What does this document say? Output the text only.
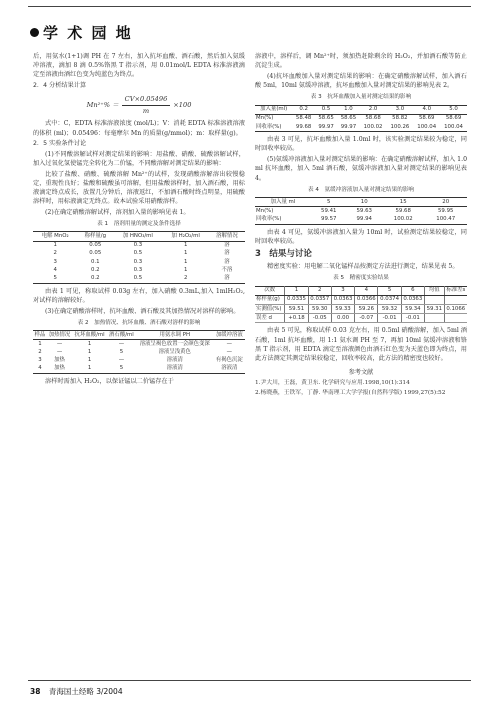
学 术 园 地

后，用氨水(1+1)调 PH 在 7 左右，加入抗坏血酸、酒石酸，然后加入氨缓冲溶液，滴加 8 滴 0.5%铬黑 T 指示剂，用 0.01mol/L EDTA 标准溶液滴定至溶液由酒红色变为纯蓝色为终点。

2．4 分析结果计算
$Mn^{2+}\% = \frac{CV\times 0.05496}{m} \times 100$

式中：C，EDTA 标准溶液浓度 (mol/L)；V：消耗 EDTA 标准溶液溶液的体积 (ml)；0.05496：每毫摩尔 Mn 的质量(g/mmol)；m：取样量(g)。

2．5 实验条件讨论

(1)不同酸溶解试样对测定结果的影响：用盐酸、硝酸、硫酸溶解试样，加入过氧化氢使锰完全转化为二价锰，不同酸溶解对测定结果的影响：

比较了盐酸、硝酸、硫酸溶解 Mn²⁺的试样，发现硝酸溶解溶出较慢稳定，重现性良好；盐酸和硫酸虽可溶解，但用盐酸溶样时，加入酒石酸，用标液滴定终点成长，放置几分钟后，溶液返红，不加酒石酸时终点明显，用硫酸溶样时，用标液滴定无终点。故本试验采用硝酸溶样。

(2)在确定硝酸溶解试样，溶剂加入量的影响见表 1。

表 1　溶剂用量的测定及条件选择
电解 MnO₂	称样量/g	加 HNO₃/ml	加 H₂O₂/ml	溶解情况
1	0.05	0.3	1	溶
2	0.05	0.5	1	溶
3	0.1	0.3	1	溶
4	0.2	0.3	1	不溶
5	0.2	0.5	2	溶

由表 1 可见，称取试样 0.03g 左右，加入硝酸 0.3mL,加入 1mlH₂O₂,对试样的溶解较好。

(3)在确定硝酸溶样时，抗坏血酸、酒石酸及其加热情况对溶样的影响。

表 2　加热情况、抗坏血酸、酒石酸对溶样的影响
样品	加热情况	抗坏血酸/ml	酒石酸/ml	用氨水调 PH	加缓冲溶液
1	—	1	—	溶液呈褐色放置一会颜色变深	—
2	—	1	5	溶液呈浅黄色	—
3	加热	1	—	溶液清	有褐色沉淀
4	加热	1	5	溶液清	溶液清

溶样时需加入 H₂O₂，以保证锰以二价锰存在于

溶液中，溶样后，调 Mn²⁺时，须加热赶除剩余的 H₂O₂，并加酒石酸等防止沉淀生成。

(4)抗坏血酸加入量对测定结果的影响：在确定硝酸溶解试样，加入酒石酸 5ml，10ml 氨缓冲溶液，抗坏血酸加入量对测定结果的影响见表 2。

表 3　抗坏血酸加入量对测定结果的影响
加入量(ml)	0.2	0.5	1.0	2.0	3.0	4.0	5.0
Mn(%)	58.48	58.65	58.65	58.68	58.82	58.69	58.69
回收率(%)	99.68	99.97	99.97	100.02	100.26	100.04	100.04

由表 3 可见，抗坏血酸加入量 1.0ml 时，该实验测定结果较为稳定，同时回收率较高。

(5)氨缓冲溶液加入量对测定结果的影响：在确定硝酸溶解试样，加入 1.0 ml 抗坏血酸，加入 5ml 酒石酸，氨缓冲溶液加入量对测定结果的影响见表 4。

表 4　氨缓冲溶液加入量对测定结果的影响
加入量 ml	5	10	15	20
Mn(%)	59.41	59.63	59.68	59.95
回收率(%)	99.57	99.94	100.02	100.47

由表 4 可见，氨缓冲溶液加入量为 10ml 时，试验测定结果较稳定，同时回收率较高。

3　结果与讨论

精密度实验：用电解二氧化锰样品按测定方法进行测定，结果见表 5。

表 5　精密度实验结果
次数	1	2	3	4	5	6	均值	标准差s
称样量(g)	0.0335	0.0357	0.0363	0.0366	0.0374	0.0363		
实测值(%)	59.51	59.30	59.33	59.26	59.32	59.34	59.31	0.1066
误差 d	+0.18	-0.05	0.00	-0.07	-0.01	-0.01		

由表 5 可见，称取试样 0.03 克左右，用 0.5ml 硝酸溶解，加入 5ml 酒石酸，1ml 抗坏血酸，用 1:1 氨水调 PH 至 7，再加 10ml 氨缓冲溶液和铬黑 T 指示剂，用 EDTA 滴定至溶液颜色由酒石红色变为天蓝色即为终点，用此方法测定其测定结果较稳定，回收率较高，此方法的精密度也较好。

参考文献

1.尹大川，王磊，黄卫东. 化学研究与应用.1998,10(1):314

2.杨晓燕，王铁军，丁静. 华南理工大学学报(自然科学版) 1999,27(5):52

38 青海国土经略 3/2004
